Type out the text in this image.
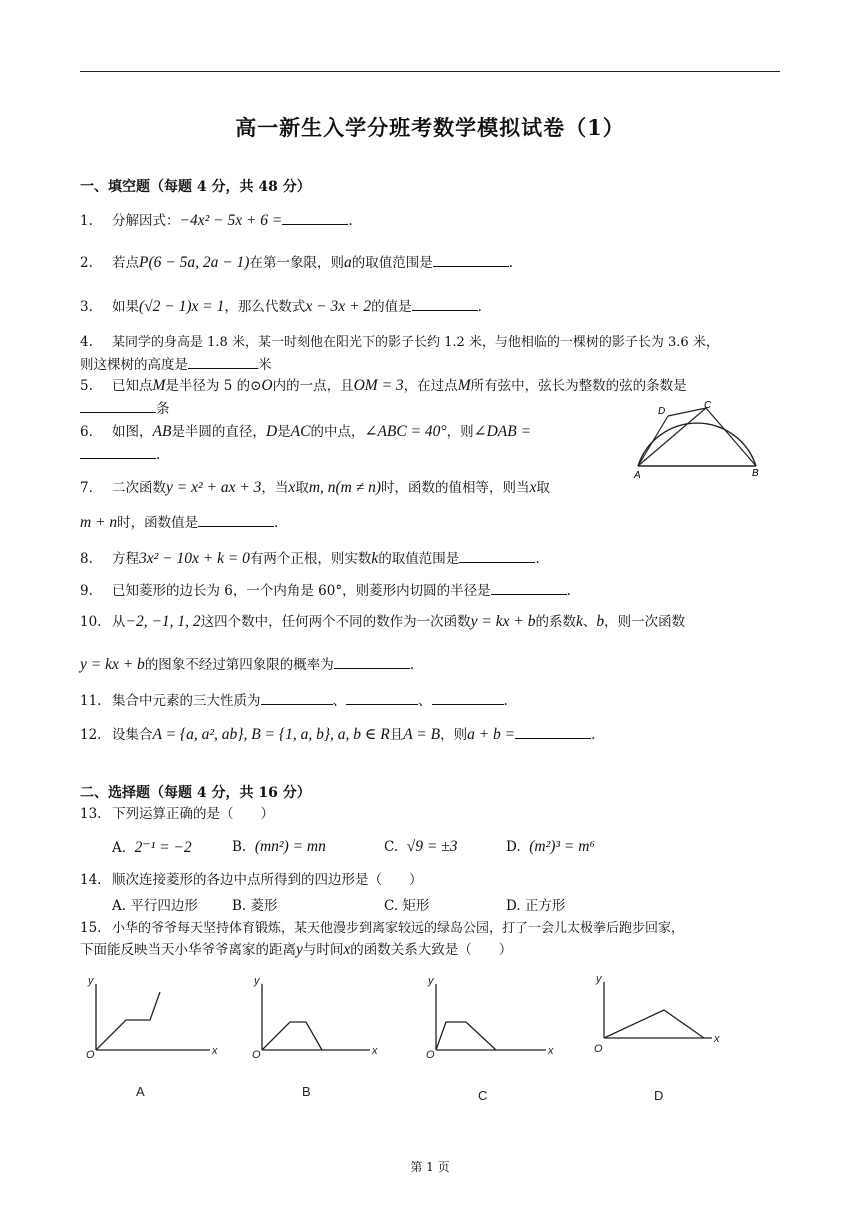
高一新生入学分班考数学模拟试卷（1）
一、填空题（每题 4 分，共 48 分）
1. 分解因式：−4x² − 5x + 6 =	.
2. 若点P(6 − 5a, 2a − 1)在第一象限，则a的取值范围是	.
3. 如果(√2 − 1)x = 1，那么代数式x − 3x + 2的值是	.
4. 某同学的身高是 1.8 米，某一时刻他在阳光下的影子长约 1.2 米，与他相临的一棵树的影子长为 3.6 米，
则这棵树的高度是	米
5. 已知点M是半径为 5 的⊙O内的一点，且OM = 3，在过点M所有弦中，弦长为整数的弦的条数是
条
6. 如图，AB是半圆的直径，D是AC的中点，∠ABC = 40°，则∠DAB =
.
D
C
A	B
7. 二次函数y = x² + ax + 3，当x取m, n(m ≠ n)时，函数的值相等，则当x取
m + n时，函数值是	.
8. 方程3x² − 10x + k = 0有两个正根，则实数k的取值范围是	.
9. 已知菱形的边长为 6，一个内角是 60°，则菱形内切圆的半径是	.
10. 从−2, −1, 1, 2这四个数中，任何两个不同的数作为一次函数y = kx + b的系数k、b，则一次函数
y = kx + b的图象不经过第四象限的概率为	.
11. 集合中元素的三大性质为	、	、	.
12. 设集合A = {a, a², ab}, B = {1, a, b}, a, b ∈ R且A = B，则a + b =	.
二、选择题（每题 4 分，共 16 分）
13. 下列运算正确的是（　　）
A. 2⁻¹ = −2	B. (mn²) = mn	C. √9 = ±3	D. (m²)³ = m⁶
14. 顺次连接菱形的各边中点所得到的四边形是（　　）
A. 平行四边形	B. 菱形	C. 矩形	D. 正方形
15. 小华的爷爷每天坚持体育锻炼，某天他漫步到离家较远的绿岛公园，打了一会儿太极拳后跑步回家，
下面能反映当天小华爷爷离家的距离y与时间x的函数关系大致是（　　）
y
O	x
y
O	x
y
O	x
y
O
x
A	B	C	D
第 1 页
